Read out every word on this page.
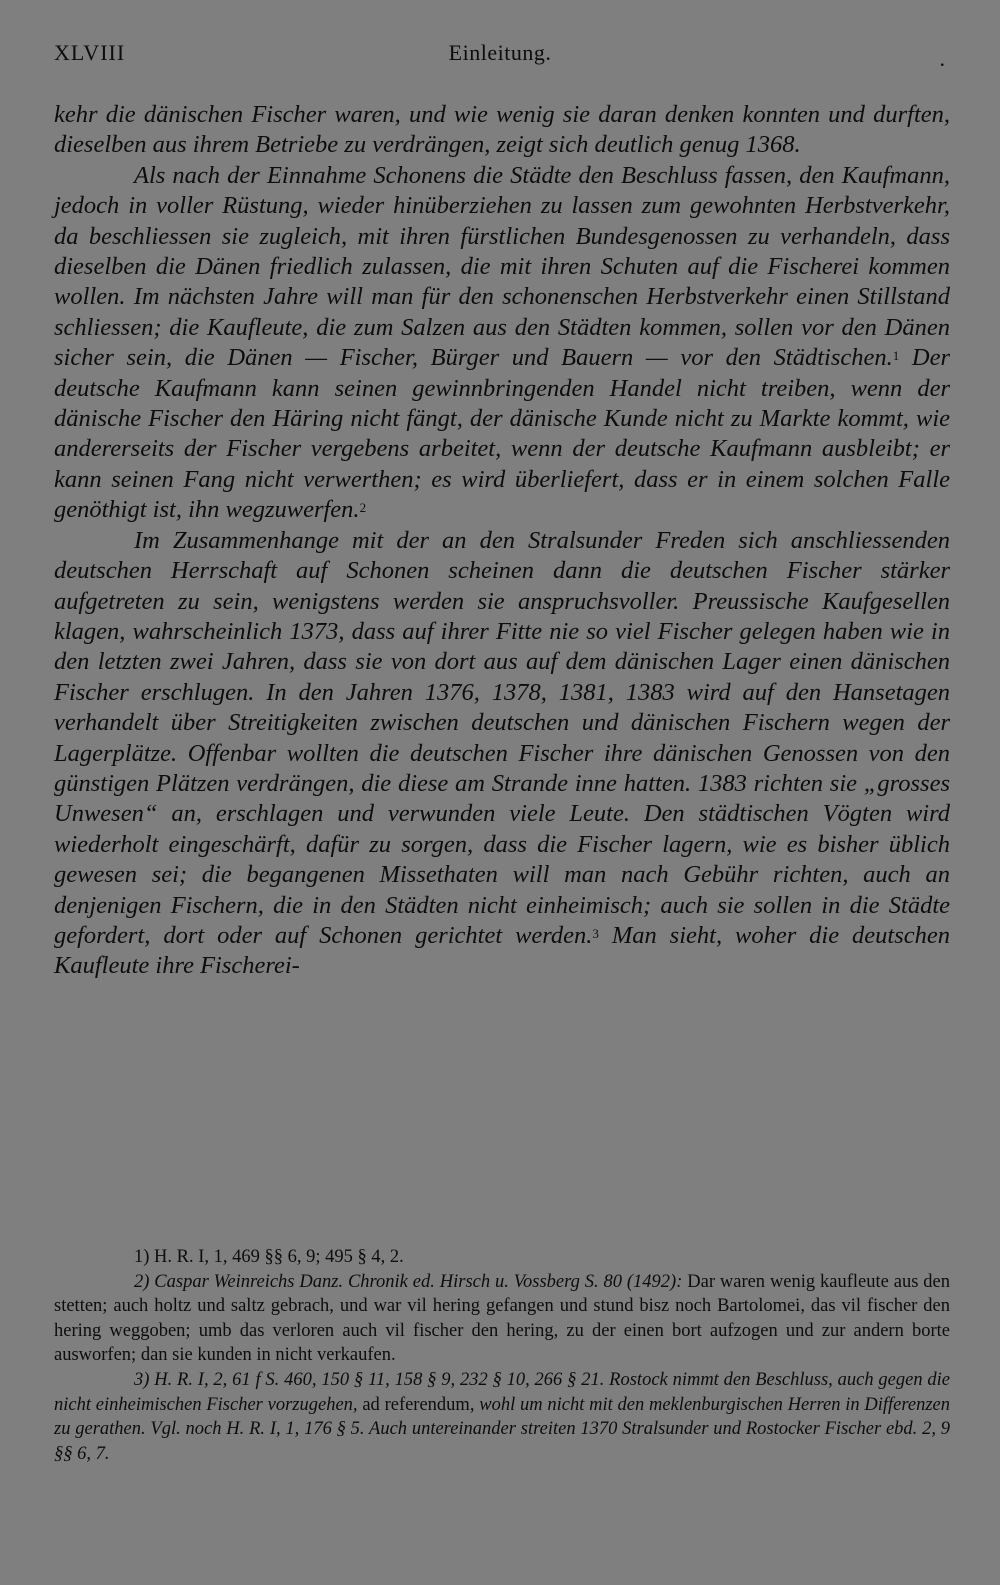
XLVIII	Einleitung.	.

kehr die dänischen Fischer waren, und wie wenig sie daran denken konnten und durften, dieselben aus ihrem Betriebe zu verdrängen, zeigt sich deutlich genug 1368.

Als nach der Einnahme Schonens die Städte den Beschluss fassen, den Kaufmann, jedoch in voller Rüstung, wieder hinüberziehen zu lassen zum gewohnten Herbstverkehr, da beschliessen sie zugleich, mit ihren fürstlichen Bundesgenossen zu verhandeln, dass dieselben die Dänen friedlich zulassen, die mit ihren Schuten auf die Fischerei kommen wollen. Im nächsten Jahre will man für den schonenschen Herbstverkehr einen Stillstand schliessen; die Kaufleute, die zum Salzen aus den Städten kommen, sollen vor den Dänen sicher sein, die Dänen — Fischer, Bürger und Bauern — vor den Städtischen.$^1$ Der deutsche Kaufmann kann seinen gewinnbringenden Handel nicht treiben, wenn der dänische Fischer den Häring nicht fängt, der dänische Kunde nicht zu Markte kommt, wie andererseits der Fischer vergebens arbeitet, wenn der deutsche Kaufmann ausbleibt; er kann seinen Fang nicht verwerthen; es wird überliefert, dass er in einem solchen Falle genöthigt ist, ihn wegzuwerfen.$^2$

Im Zusammenhange mit der an den Stralsunder Freden sich anschliessenden deutschen Herrschaft auf Schonen scheinen dann die deutschen Fischer stärker aufgetreten zu sein, wenigstens werden sie anspruchsvoller. Preussische Kaufgesellen klagen, wahrscheinlich 1373, dass auf ihrer Fitte nie so viel Fischer gelegen haben wie in den letzten zwei Jahren, dass sie von dort aus auf dem dänischen Lager einen dänischen Fischer erschlugen. In den Jahren 1376, 1378, 1381, 1383 wird auf den Hansetagen verhandelt über Streitigkeiten zwischen deutschen und dänischen Fischern wegen der Lagerplätze. Offenbar wollten die deutschen Fischer ihre dänischen Genossen von den günstigen Plätzen verdrängen, die diese am Strande inne hatten. 1383 richten sie „grosses Unwesen“ an, erschlagen und verwunden viele Leute. Den städtischen Vögten wird wiederholt eingeschärft, dafür zu sorgen, dass die Fischer lagern, wie es bisher üblich gewesen sei; die begangenen Missethaten will man nach Gebühr richten, auch an denjenigen Fischern, die in den Städten nicht einheimisch; auch sie sollen in die Städte gefordert, dort oder auf Schonen gerichtet werden.$^3$ Man sieht, woher die deutschen Kaufleute ihre Fischerei-

1) H. R. I, 1, 469 §§ 6, 9; 495 § 4, 2.

2) Caspar Weinreichs Danz. Chronik ed. Hirsch u. Vossberg S. 80 (1492): Dar waren wenig kaufleute aus den stetten; auch holtz und saltz gebrach, und war vil hering gefangen und stund bisz noch Bartolomei, das vil fischer den hering weggoben; umb das verloren auch vil fischer den hering, zu der einen bort aufzogen und zur andern borte ausworfen; dan sie kunden in nicht verkaufen.

3) H. R. I, 2, 61 f S. 460, 150 § 11, 158 § 9, 232 § 10, 266 § 21. Rostock nimmt den Beschluss, auch gegen die nicht einheimischen Fischer vorzugehen, ad referendum, wohl um nicht mit den meklenburgischen Herren in Differenzen zu gerathen. Vgl. noch H. R. I, 1, 176 § 5. Auch untereinander streiten 1370 Stralsunder und Rostocker Fischer ebd. 2, 9 §§ 6, 7.
